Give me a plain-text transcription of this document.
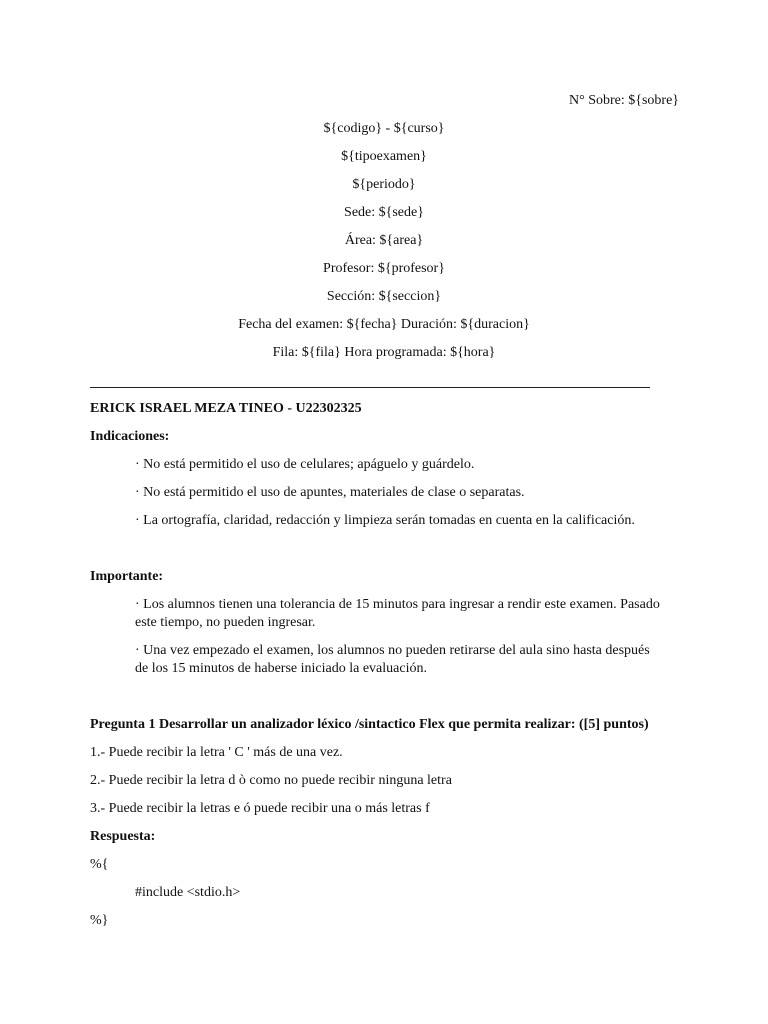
N° Sobre: ${sobre}
${codigo} - ${curso}
${tipoexamen}
${periodo}
Sede: ${sede}
Área: ${area}
Profesor: ${profesor}
Sección: ${seccion}
Fecha del examen: ${fecha} Duración: ${duracion}
Fila: ${fila} Hora programada: ${hora}
ERICK ISRAEL MEZA TINEO - U22302325
Indicaciones:
· No está permitido el uso de celulares; apáguelo y guárdelo.
· No está permitido el uso de apuntes, materiales de clase o separatas.
· La ortografía, claridad, redacción y limpieza serán tomadas en cuenta en la calificación.
Importante:
· Los alumnos tienen una tolerancia de 15 minutos para ingresar a rendir este examen. Pasado este tiempo, no pueden ingresar.
· Una vez empezado el examen, los alumnos no pueden retirarse del aula sino hasta después de los 15 minutos de haberse iniciado la evaluación.
Pregunta 1 Desarrollar un analizador léxico /sintactico Flex que permita realizar: ([5] puntos)
1.- Puede recibir la letra ' C ' más de una vez.
2.- Puede recibir la letra d ò como no puede recibir ninguna letra
3.- Puede recibir la letras e ó puede recibir una o más letras f
Respuesta:
%{
#include <stdio.h>
%}
